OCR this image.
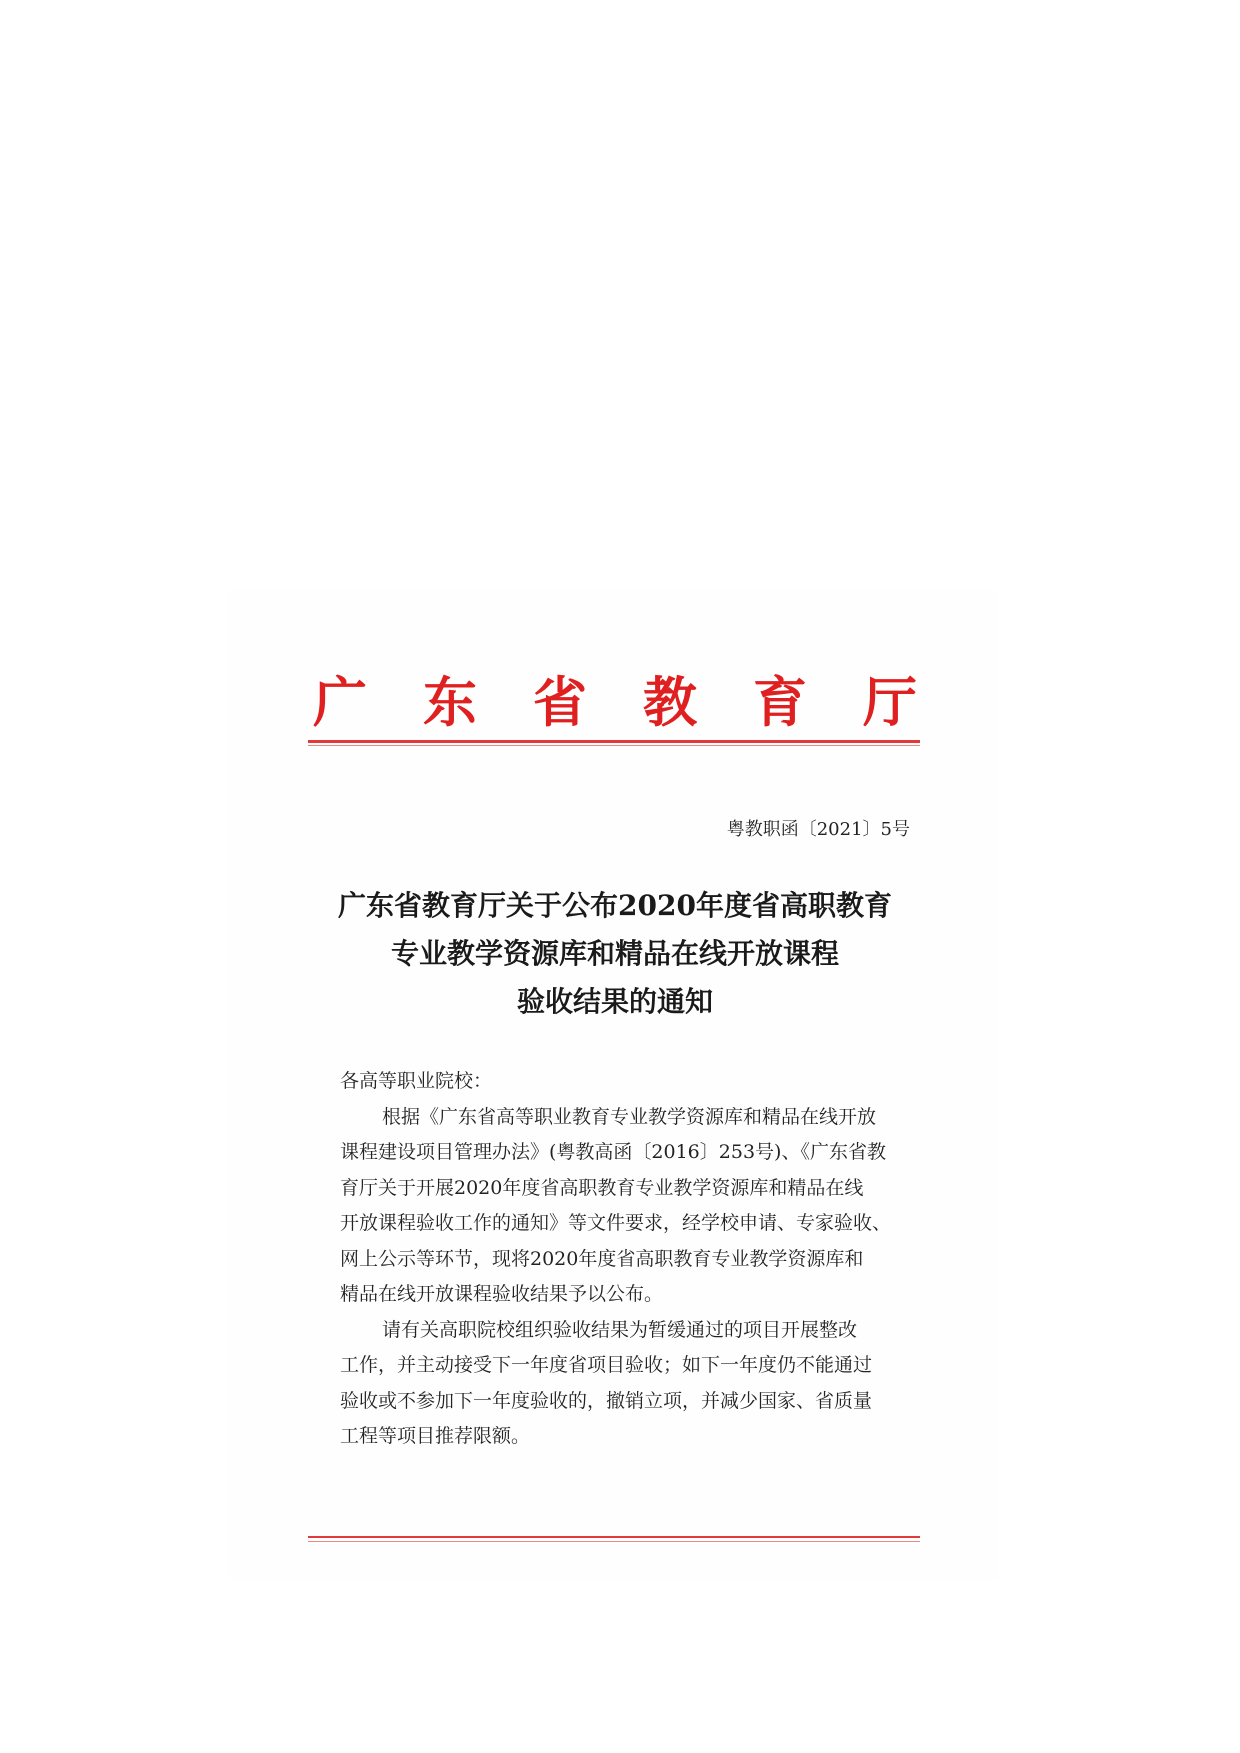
广 东 省 教 育 厅
粤教职函〔2021〕5号
广东省教育厅关于公布2020年度省高职教育
专业教学资源库和精品在线开放课程
验收结果的通知
各高等职业院校：
根据《广东省高等职业教育专业教学资源库和精品在线开放
课程建设项目管理办法》(粤教高函〔2016〕253号)、《广东省教
育厅关于开展2020年度省高职教育专业教学资源库和精品在线
开放课程验收工作的通知》等文件要求，经学校申请、专家验收、
网上公示等环节，现将2020年度省高职教育专业教学资源库和
精品在线开放课程验收结果予以公布。
请有关高职院校组织验收结果为暂缓通过的项目开展整改
工作，并主动接受下一年度省项目验收；如下一年度仍不能通过
验收或不参加下一年度验收的，撤销立项，并减少国家、省质量
工程等项目推荐限额。
